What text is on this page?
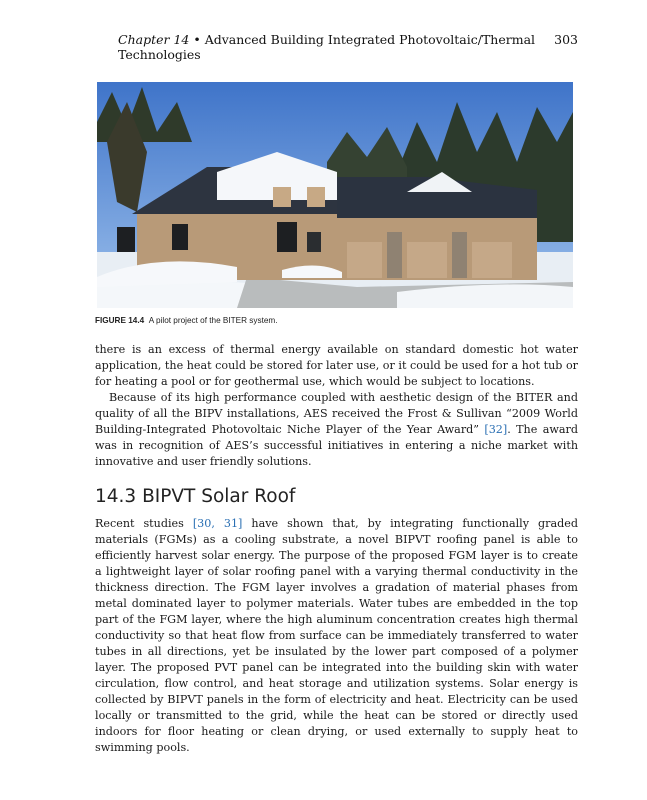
Chapter 14 • Advanced Building Integrated Photovoltaic/Thermal Technologies
303
FIGURE 14.4 A pilot project of the BITER system.

there is an excess of thermal energy available on standard domestic hot water application, the heat could be stored for later use, or it could be used for a hot tub or for heating a pool or for geothermal use, which would be subject to locations.

Because of its high performance coupled with aesthetic design of the BITER and quality of all the BIPV installations, AES received the Frost & Sullivan “2009 World Building-Integrated Photovoltaic Niche Player of the Year Award” [32]. The award was in recognition of AES’s successful initiatives in entering a niche market with innovative and user friendly solutions.

14.3 BIPVT Solar Roof

Recent studies [30, 31] have shown that, by integrating functionally graded materials (FGMs) as a cooling substrate, a novel BIPVT roofing panel is able to efficiently harvest solar energy. The purpose of the proposed FGM layer is to create a lightweight layer of solar roofing panel with a varying thermal conductivity in the thickness direction. The FGM layer involves a gradation of material phases from metal dominated layer to polymer materials. Water tubes are embedded in the top part of the FGM layer, where the high aluminum concentration creates high thermal conductivity so that heat flow from surface can be immediately transferred to water tubes in all directions, yet be insulated by the lower part composed of a polymer layer. The proposed PVT panel can be integrated into the building skin with water circulation, flow control, and heat storage and utilization systems. Solar energy is collected by BIPVT panels in the form of electricity and heat. Electricity can be used locally or transmitted to the grid, while the heat can be stored or directly used indoors for floor heating or clean drying, or used externally to supply heat to swimming pools.
